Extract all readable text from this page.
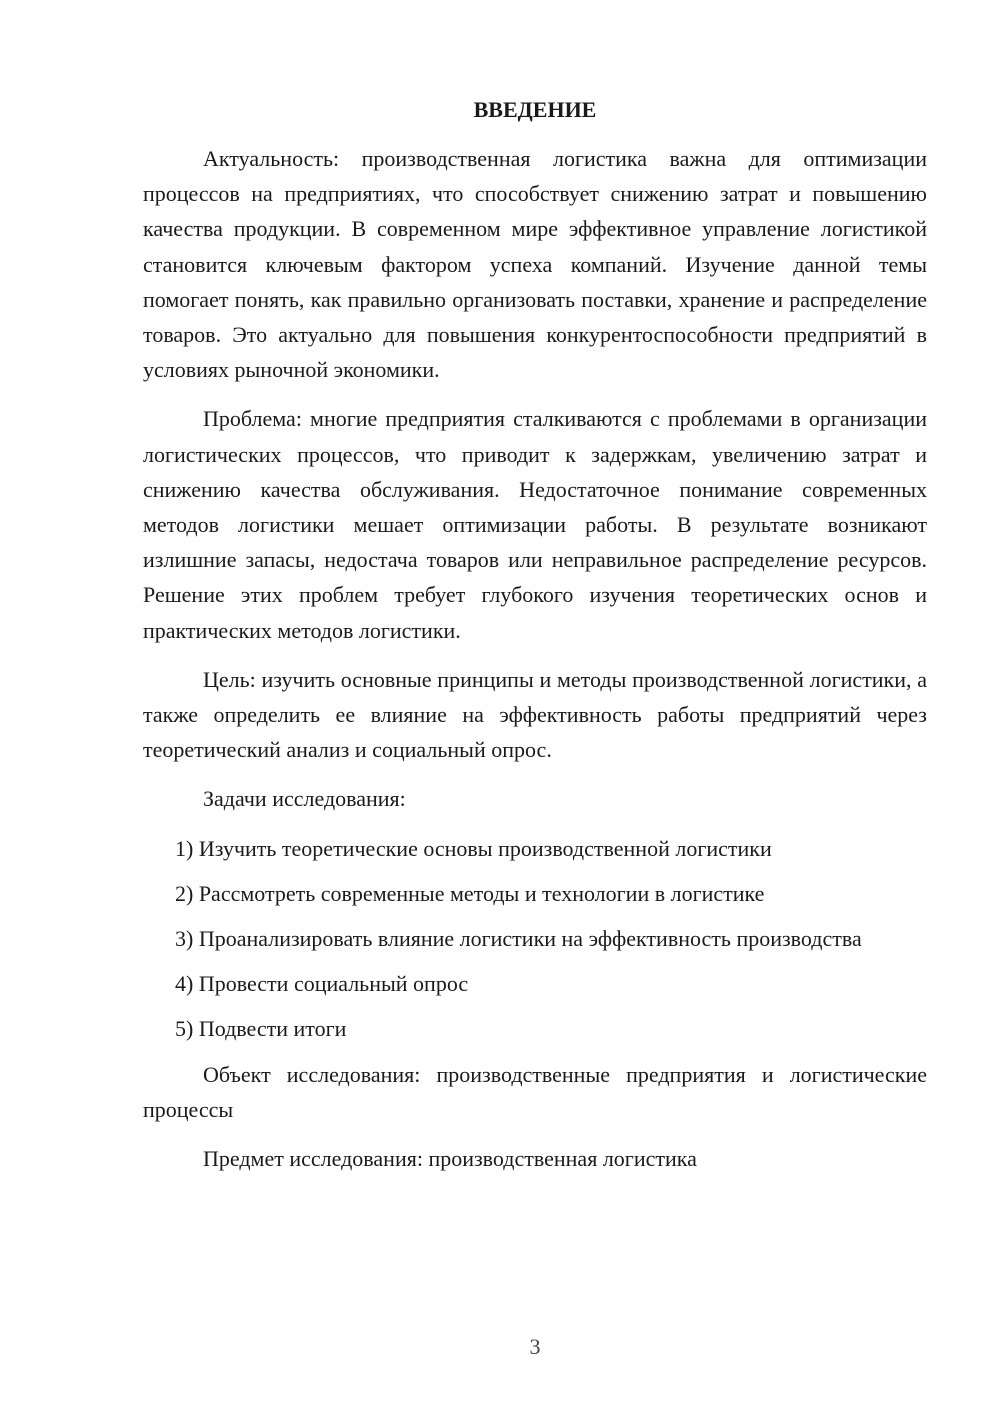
ВВЕДЕНИЕ

Актуальность: производственная логистика важна для оптимизации процессов на предприятиях, что способствует снижению затрат и повышению качества продукции. В современном мире эффективное управление логистикой становится ключевым фактором успеха компаний. Изучение данной темы помогает понять, как правильно организовать поставки, хранение и распределение товаров. Это актуально для повышения конкурентоспособности предприятий в условиях рыночной экономики.

Проблема: многие предприятия сталкиваются с проблемами в организации логистических процессов, что приводит к задержкам, увеличению затрат и снижению качества обслуживания. Недостаточное понимание современных методов логистики мешает оптимизации работы. В результате возникают излишние запасы, недостача товаров или неправильное распределение ресурсов. Решение этих проблем требует глубокого изучения теоретических основ и практических методов логистики.

Цель: изучить основные принципы и методы производственной логистики, а также определить ее влияние на эффективность работы предприятий через теоретический анализ и социальный опрос.

Задачи исследования:

1) Изучить теоретические основы производственной логистики

2) Рассмотреть современные методы и технологии в логистике

3) Проанализировать влияние логистики на эффективность производства

4) Провести социальный опрос

5) Подвести итоги

Объект исследования: производственные предприятия и логистические процессы

Предмет исследования: производственная логистика

3
